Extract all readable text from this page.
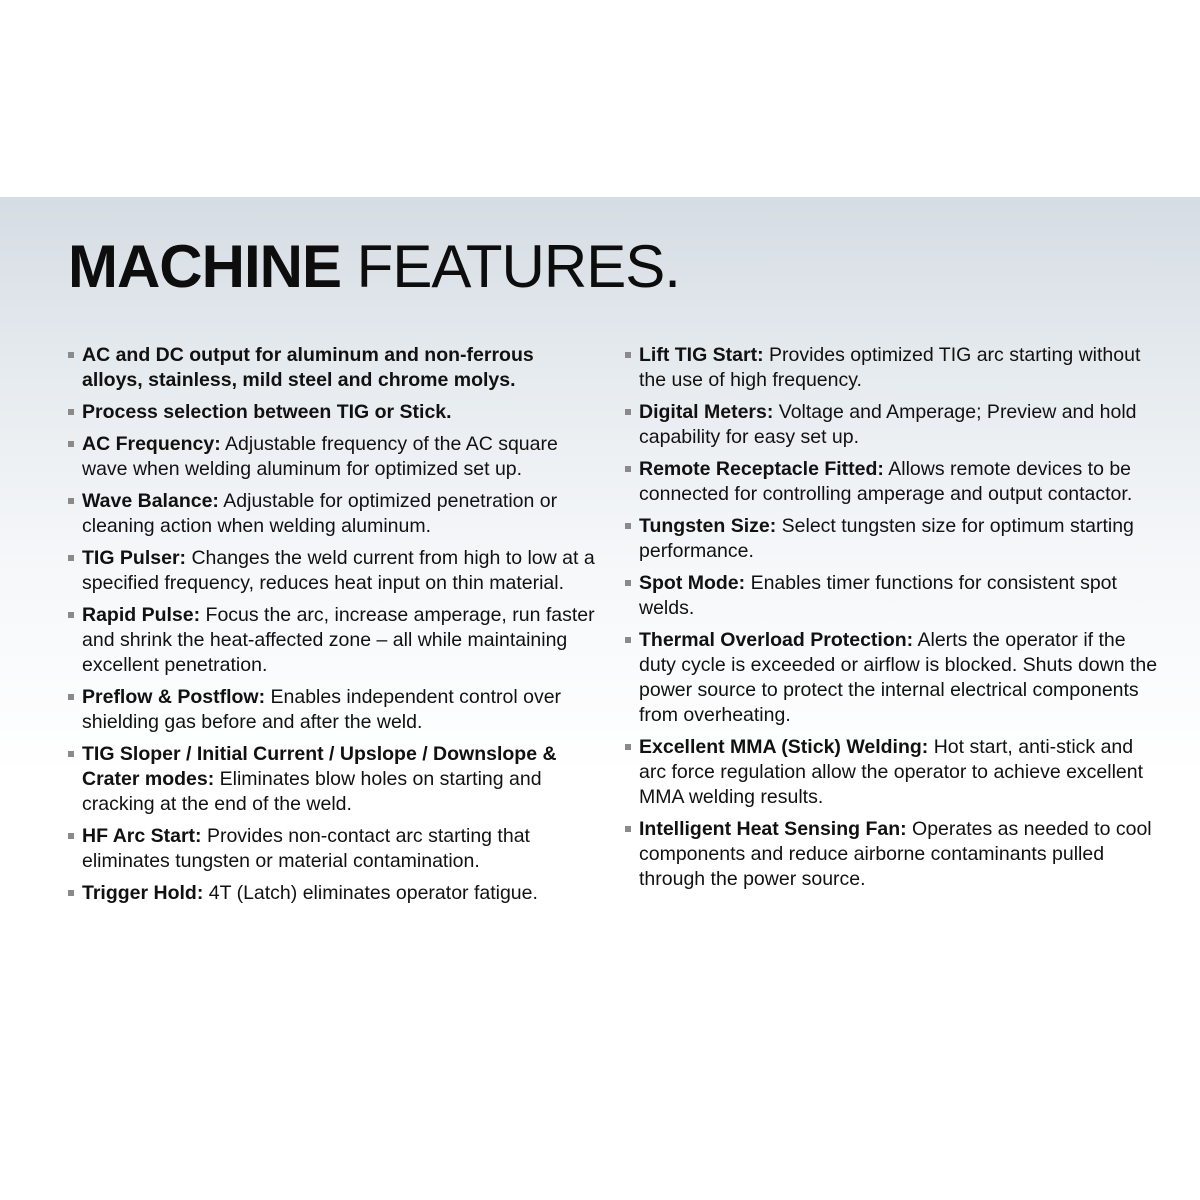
MACHINE FEATURES.
AC and DC output for aluminum and non-ferrous alloys, stainless, mild steel and chrome molys.
Process selection between TIG or Stick.
AC Frequency: Adjustable frequency of the AC square wave when welding aluminum for optimized set up.
Wave Balance: Adjustable for optimized penetration or cleaning action when welding aluminum.
TIG Pulser: Changes the weld current from high to low at a specified frequency, reduces heat input on thin material.
Rapid Pulse: Focus the arc, increase amperage, run faster and shrink the heat-affected zone – all while maintaining excellent penetration.
Preflow & Postflow: Enables independent control over shielding gas before and after the weld.
TIG Sloper / Initial Current / Upslope / Downslope & Crater modes: Eliminates blow holes on starting and cracking at the end of the weld.
HF Arc Start: Provides non-contact arc starting that eliminates tungsten or material contamination.
Trigger Hold: 4T (Latch) eliminates operator fatigue.
Lift TIG Start: Provides optimized TIG arc starting without the use of high frequency.
Digital Meters: Voltage and Amperage; Preview and hold capability for easy set up.
Remote Receptacle Fitted: Allows remote devices to be connected for controlling amperage and output contactor.
Tungsten Size: Select tungsten size for optimum starting performance.
Spot Mode: Enables timer functions for consistent spot welds.
Thermal Overload Protection: Alerts the operator if the duty cycle is exceeded or airflow is blocked. Shuts down the power source to protect the internal electrical components from overheating.
Excellent MMA (Stick) Welding: Hot start, anti-stick and arc force regulation allow the operator to achieve excellent MMA welding results.
Intelligent Heat Sensing Fan: Operates as needed to cool components and reduce airborne contaminants pulled through the power source.
